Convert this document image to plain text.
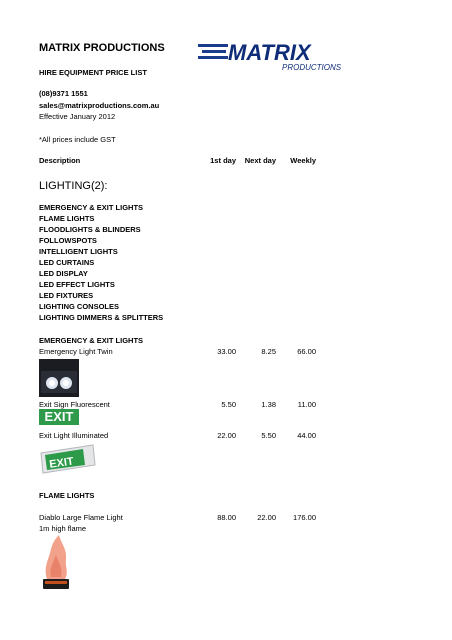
MATRIX PRODUCTIONS
HIRE EQUIPMENT PRICE LIST
(08)9371 1551
sales@matrixproductions.com.au
Effective January 2012
*All prices include GST
MATRIX
PRODUCTIONS
Description	1st day	Next day	Weekly
LIGHTING(2):
EMERGENCY & EXIT LIGHTS
FLAME LIGHTS
FLOODLIGHTS & BLINDERS
FOLLOWSPOTS
INTELLIGENT LIGHTS
LED CURTAINS
LED DISPLAY
LED EFFECT LIGHTS
LED FIXTURES
LIGHTING CONSOLES
LIGHTING DIMMERS & SPLITTERS
EMERGENCY & EXIT LIGHTS
Emergency Light Twin	33.00	8.25	66.00
Exit Sign Fluorescent	5.50	1.38	11.00
EXIT
Exit Light Illuminated	22.00	5.50	44.00
EXIT
FLAME LIGHTS
Diablo Large Flame Light	88.00	22.00	176.00
1m high flame
